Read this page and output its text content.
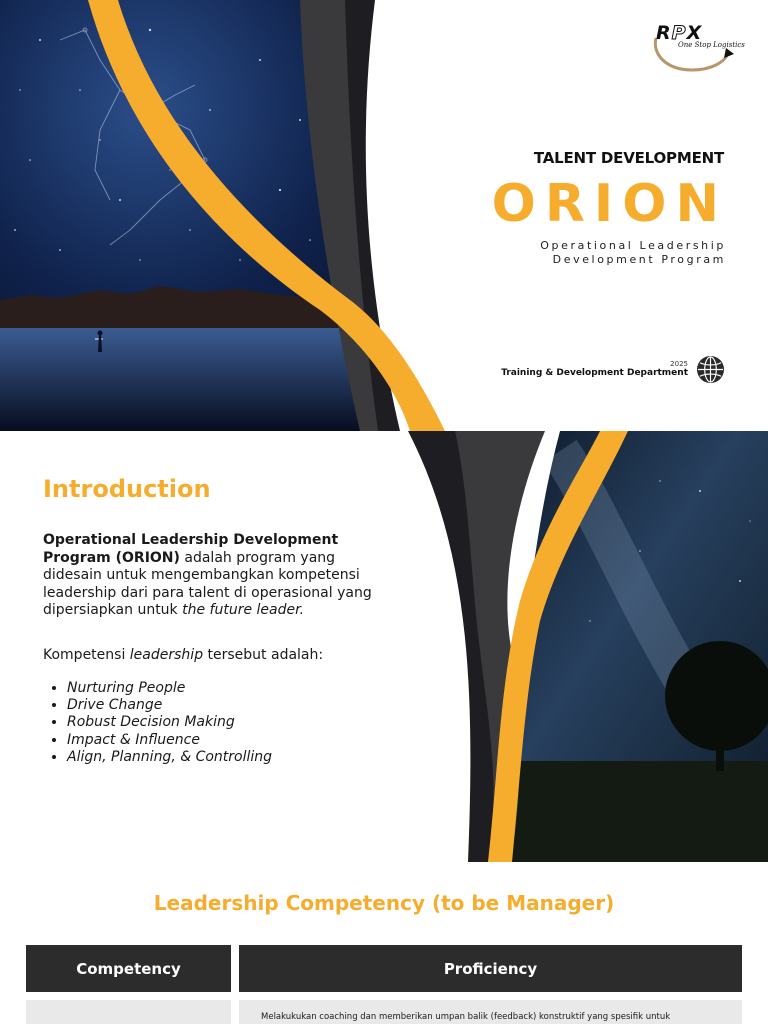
RPX
One Stop Logistics
TALENT DEVELOPMENT
ORION
Operational Leadership
Development Program
2025
Training & Development Department
Introduction
Operational Leadership Development Program (ORION) adalah program yang didesain untuk mengembangkan kompetensi leadership dari para talent di operasional yang dipersiapkan untuk the future leader.
Kompetensi leadership tersebut adalah:
• Nurturing People
• Drive Change
• Robust Decision Making
• Impact & Influence
• Align, Planning, & Controlling
Leadership Competency (to be Manager)
Competency	Proficiency
• Melakukukan coaching dan memberikan umpan balik (feedback) konstruktif yang spesifik untuk
